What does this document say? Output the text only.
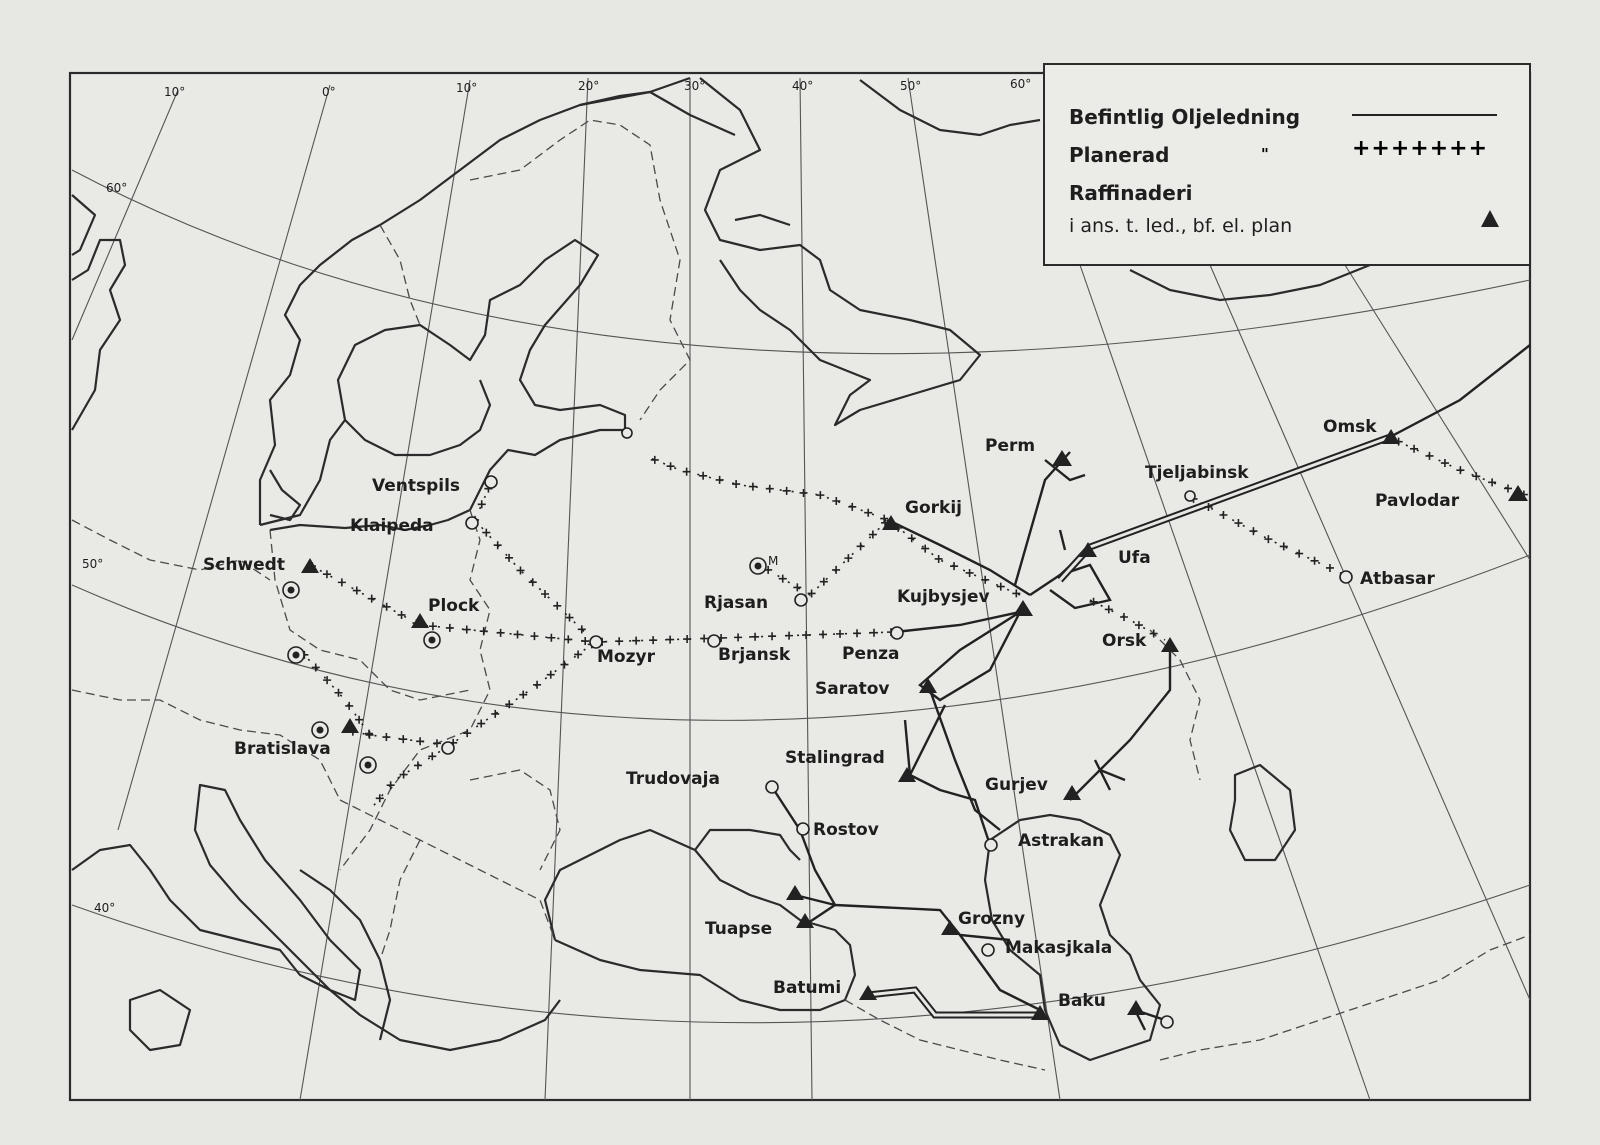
10°	0°	10°	20°	30°	40°	50°	60°
60°
50°
40°
M
Perm
Omsk
Tjeljabinsk
Pavlodar
Atbasar
Gorkij
Ufa
Ventspils
Klaipeda
Schwedt
Plock	Rjasan	Kujbysjev
Orsk
Mozyr	Brjansk	Penza
Saratov
Bratislava	Stalingrad
Trudovaja	Gurjev
Rostov
Astrakan
Grozny
Tuapse
Makasjkala
Batumi
Baku
Befintlig Oljeledning
Planerad	"	+++++++
Raffinaderi
i ans. t. led., bf. el. plan
